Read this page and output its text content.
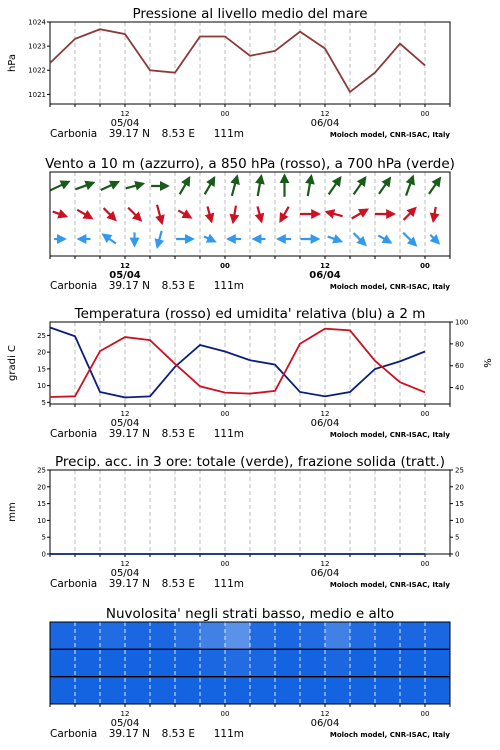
Pressione al livello medio del mare
12
05/04
00	12
06/04
00
Carbonia 39.17 N 8.53 E 111m	Moloch model, CNR-ISAC, Italy
1021
1022
1023
1024
hPa
Vento a 10 m (azzurro), a 850 hPa (rosso), a 700 hPa (verde)
12
05/04
00	12
06/04
00
Carbonia 39.17 N 8.53 E 111m	Moloch model, CNR-ISAC, Italy
Temperatura (rosso) ed umidita' relativa (blu) a 2 m
12
05/04
00	12
06/04
00
Carbonia 39.17 N 8.53 E 111m	Moloch model, CNR-ISAC, Italy
5
10
15
20
25
40
60
80
100
gradi C	%
Precip. acc. in 3 ore: totale (verde), frazione solida (tratt.)
12
05/04
00	12
06/04
00
Carbonia 39.17 N 8.53 E 111m	Moloch model, CNR-ISAC, Italy
0
5
10
15
20
25
0
5
10
15
20
25
mm
Nuvolosita' negli strati basso, medio e alto
12
05/04
00	12
06/04
00
Carbonia 39.17 N 8.53 E 111m	Moloch model, CNR-ISAC, Italy
